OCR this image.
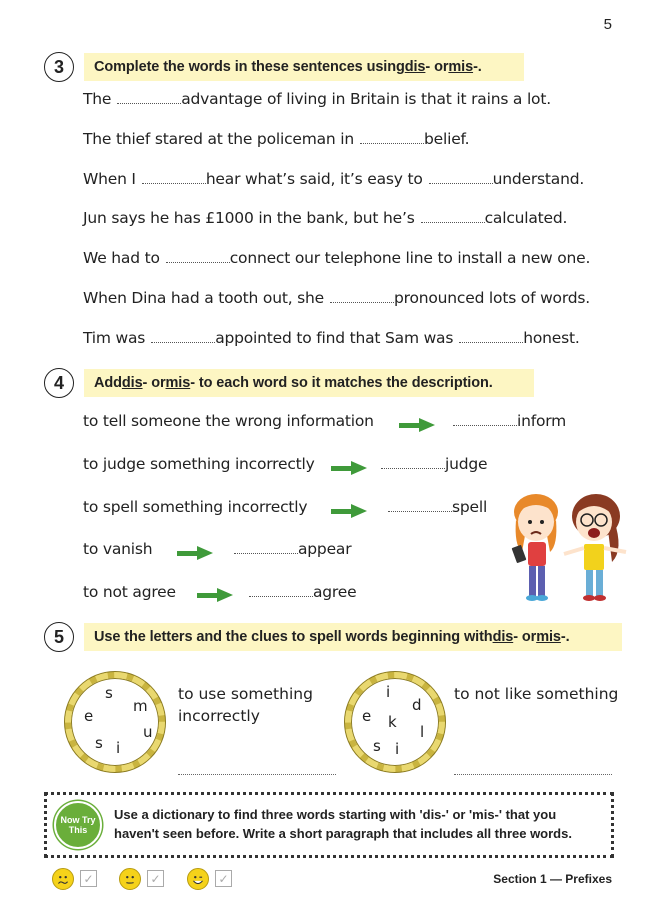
5
3	Complete the words in these sentences using dis - or mis -.
The	advantage of living in Britain is that it rains a lot.
The thief stared at the policeman in	belief.
When I	hear what’s said, it’s easy to	understand.
Jun says he has £1000 in the bank, but he’s	calculated.
We had to	connect our telephone line to install a new one.
When Dina had a tooth out, she	pronounced lots of words.
Tim was	appointed to find that Sam was	honest.
4	Add dis - or mis - to each word so it matches the description.
to tell someone the wrong information	inform
to judge something incorrectly	judge
to spell something incorrectly	spell
to vanish	appear
to not agree	agree
5	Use the letters and the clues to spell words beginning with dis - or mis -.
s
m
e
u
s i
to use something
incorrectly
i
d
e k
l
s i
to not like something
Now Try
This
Use a dictionary to find three words starting with 'dis-' or 'mis-' that you haven't seen before. Write a short paragraph that includes all three words.
✓	✓	✓	Section 1 — Prefixes
